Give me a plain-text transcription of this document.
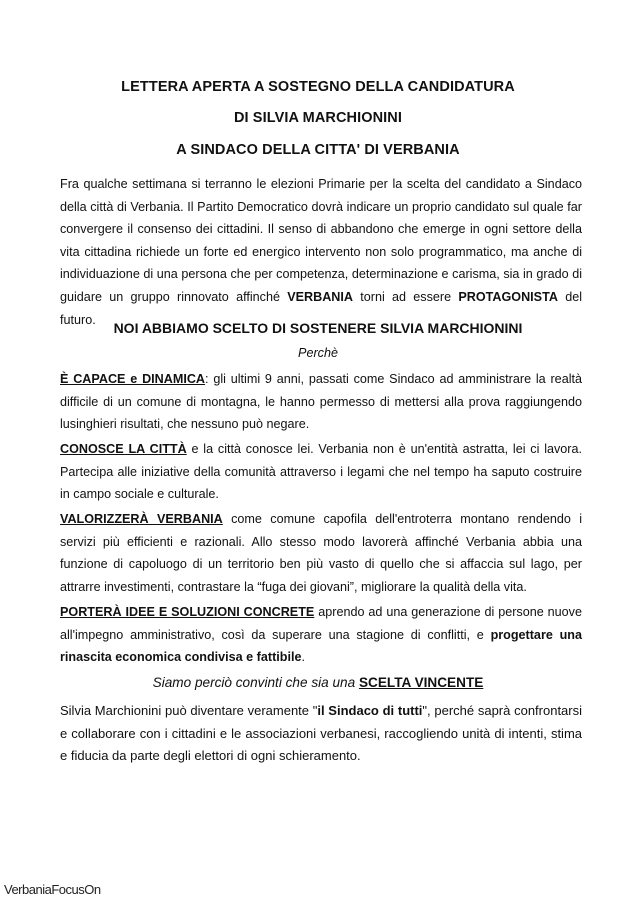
LETTERA APERTA A SOSTEGNO DELLA CANDIDATURA
DI SILVIA MARCHIONINI
A SINDACO DELLA CITTA' DI VERBANIA
Fra qualche settimana si terranno le elezioni Primarie per la scelta del candidato a Sindaco della città di Verbania. Il Partito Democratico dovrà indicare un proprio candidato sul quale far convergere il consenso dei cittadini. Il senso di abbandono che emerge in ogni settore della vita cittadina richiede un forte ed energico intervento non solo programmatico, ma anche di individuazione di una persona che per competenza, determinazione e carisma, sia in grado di guidare un gruppo rinnovato affinché VERBANIA torni ad essere PROTAGONISTA del futuro.
NOI ABBIAMO SCELTO DI SOSTENERE SILVIA MARCHIONINI
Perchè
È CAPACE e DINAMICA: gli ultimi 9 anni, passati come Sindaco ad amministrare la realtà difficile di un comune di montagna, le hanno permesso di mettersi alla prova raggiungendo lusinghieri risultati, che nessuno può negare.
CONOSCE LA CITTÀ e la città conosce lei. Verbania non è un'entità astratta, lei ci lavora. Partecipa alle iniziative della comunità attraverso i legami che nel tempo ha saputo costruire in campo sociale e culturale.
VALORIZZERÀ VERBANIA come comune capofila dell'entroterra montano rendendo i servizi più efficienti e razionali. Allo stesso modo lavorerà affinché Verbania abbia una funzione di capoluogo di un territorio ben più vasto di quello che si affaccia sul lago, per attrarre investimenti, contrastare la “fuga dei giovani”, migliorare la qualità della vita.
PORTERÀ IDEE E SOLUZIONI CONCRETE aprendo ad una generazione di persone nuove all'impegno amministrativo, così da superare una stagione di conflitti, e progettare una rinascita economica condivisa e fattibile.
Siamo perciò convinti che sia una SCELTA VINCENTE
Silvia Marchionini può diventare veramente "il Sindaco di tutti", perché saprà confrontarsi e collaborare con i cittadini e le associazioni verbanesi, raccogliendo unità di intenti, stima e fiducia da parte degli elettori di ogni schieramento.
VerbaniaFocusOn
